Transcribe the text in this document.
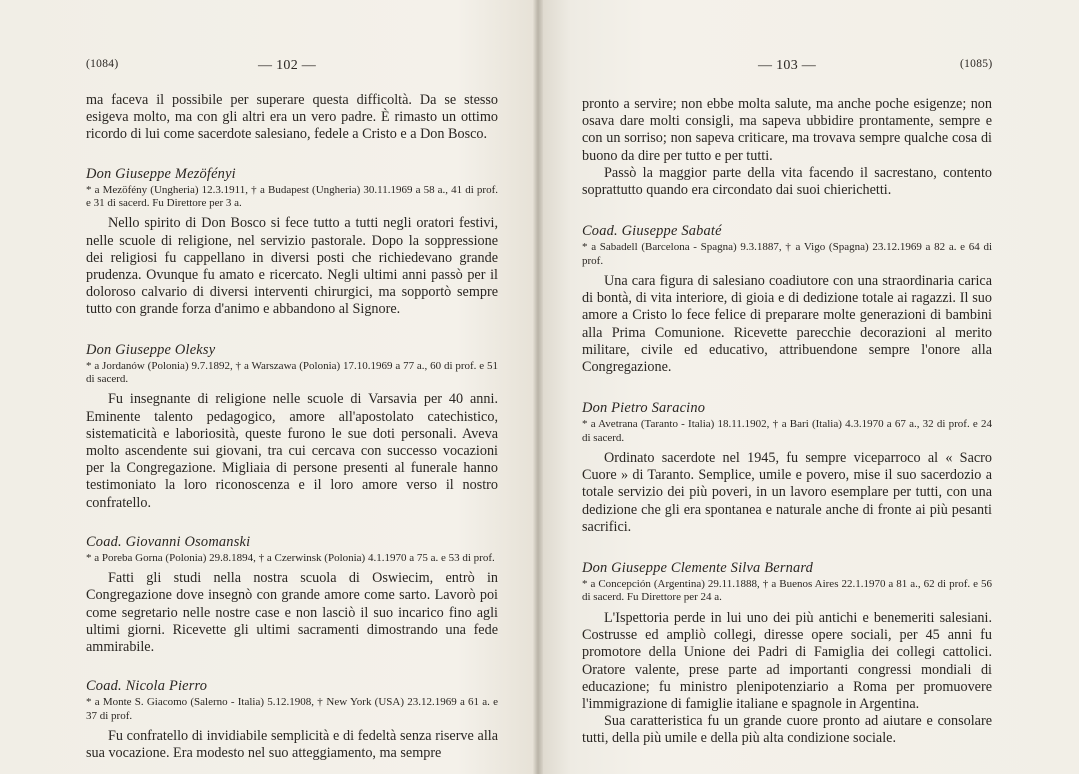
(1084)	— 102 —

ma faceva il possibile per superare questa difficoltà. Da se stesso esigeva molto, ma con gli altri era un vero padre. È rimasto un ottimo ricordo di lui come sacerdote salesiano, fedele a Cristo e a Don Bosco.

Don Giuseppe Mezöfényi
* a Mezöfény (Ungheria) 12.3.1911, † a Budapest (Ungheria) 30.11.1969 a 58 a., 41 di prof. e 31 di sacerd. Fu Direttore per 3 a.

Nello spirito di Don Bosco si fece tutto a tutti negli oratori festivi, nelle scuole di religione, nel servizio pastorale. Dopo la soppressione dei religiosi fu cappellano in diversi posti che richiedevano grande prudenza. Ovunque fu amato e ricercato. Negli ultimi anni passò per il doloroso calvario di diversi interventi chirurgici, ma sopportò sempre tutto con grande forza d'animo e abbandono al Signore.

Don Giuseppe Oleksy
* a Jordanów (Polonia) 9.7.1892, † a Warszawa (Polonia) 17.10.1969 a 77 a., 60 di prof. e 51 di sacerd.

Fu insegnante di religione nelle scuole di Varsavia per 40 anni. Eminente talento pedagogico, amore all'apostolato catechistico, sistematicità e laboriosità, queste furono le sue doti personali. Aveva molto ascendente sui giovani, tra cui cercava con successo vocazioni per la Congregazione. Migliaia di persone presenti al funerale hanno testimoniato la loro riconoscenza e il loro amore verso il nostro confratello.

Coad. Giovanni Osomanski
* a Poreba Gorna (Polonia) 29.8.1894, † a Czerwinsk (Polonia) 4.1.1970 a 75 a. e 53 di prof.

Fatti gli studi nella nostra scuola di Oswiecim, entrò in Congregazione dove insegnò con grande amore come sarto. Lavorò poi come segretario nelle nostre case e non lasciò il suo incarico fino agli ultimi giorni. Ricevette gli ultimi sacramenti dimostrando una fede ammirabile.

Coad. Nicola Pierro
* a Monte S. Giacomo (Salerno - Italia) 5.12.1908, † New York (USA) 23.12.1969 a 61 a. e 37 di prof.

Fu confratello di invidiabile semplicità e di fedeltà senza riserve alla sua vocazione. Era modesto nel suo atteggiamento, ma sempre

— 103 —	(1085)

pronto a servire; non ebbe molta salute, ma anche poche esigenze; non osava dare molti consigli, ma sapeva ubbidire prontamente, sempre e con un sorriso; non sapeva criticare, ma trovava sempre qualche cosa di buono da dire per tutto e per tutti.

Passò la maggior parte della vita facendo il sacrestano, contento soprattutto quando era circondato dai suoi chierichetti.

Coad. Giuseppe Sabaté
* a Sabadell (Barcelona - Spagna) 9.3.1887, † a Vigo (Spagna) 23.12.1969 a 82 a. e 64 di prof.

Una cara figura di salesiano coadiutore con una straordinaria carica di bontà, di vita interiore, di gioia e di dedizione totale ai ragazzi. Il suo amore a Cristo lo fece felice di preparare molte generazioni di bambini alla Prima Comunione. Ricevette parecchie decorazioni al merito militare, civile ed educativo, attribuendone sempre l'onore alla Congregazione.

Don Pietro Saracino
* a Avetrana (Taranto - Italia) 18.11.1902, † a Bari (Italia) 4.3.1970 a 67 a., 32 di prof. e 24 di sacerd.

Ordinato sacerdote nel 1945, fu sempre viceparroco al « Sacro Cuore » di Taranto. Semplice, umile e povero, mise il suo sacerdozio a totale servizio dei più poveri, in un lavoro esemplare per tutti, con una dedizione che gli era spontanea e naturale anche di fronte ai più pesanti sacrifici.

Don Giuseppe Clemente Silva Bernard
* a Concepción (Argentina) 29.11.1888, † a Buenos Aires 22.1.1970 a 81 a., 62 di prof. e 56 di sacerd. Fu Direttore per 24 a.

L'Ispettoria perde in lui uno dei più antichi e benemeriti salesiani. Costrusse ed ampliò collegi, diresse opere sociali, per 45 anni fu promotore della Unione dei Padri di Famiglia dei collegi cattolici. Oratore valente, prese parte ad importanti congressi mondiali di educazione; fu ministro plenipotenziario a Roma per promuovere l'immigrazione di famiglie italiane e spagnole in Argentina.

Sua caratteristica fu un grande cuore pronto ad aiutare e consolare tutti, della più umile e della più alta condizione sociale.
